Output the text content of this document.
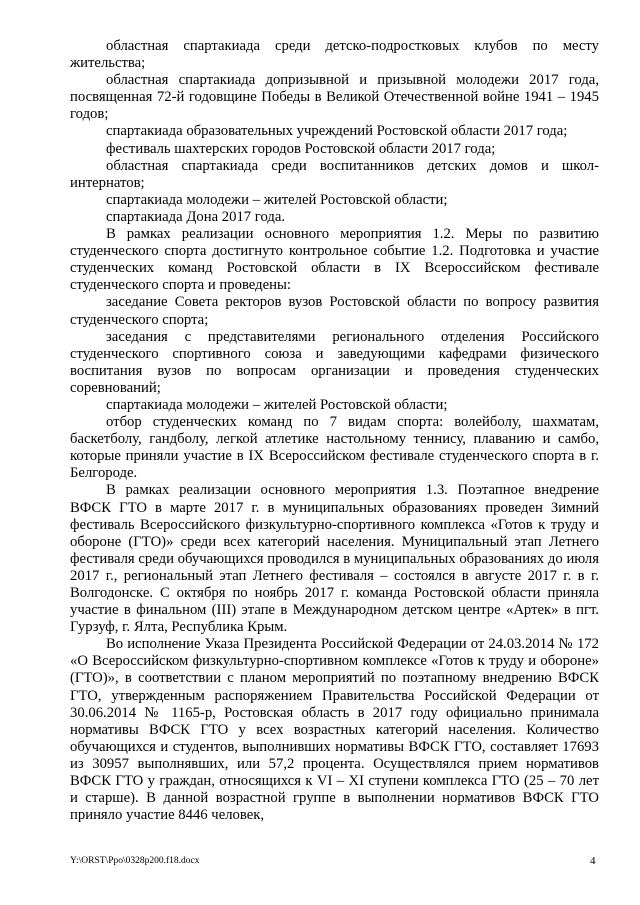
областная спартакиада среди детско-подростковых клубов по месту жительства;

областная спартакиада допризывной и призывной молодежи 2017 года, посвященная 72-й годовщине Победы в Великой Отечественной войне 1941 – 1945 годов;

спартакиада образовательных учреждений Ростовской области 2017 года;

фестиваль шахтерских городов Ростовской области 2017 года;

областная спартакиада среди воспитанников детских домов и школ-интернатов;

спартакиада молодежи – жителей Ростовской области;

спартакиада Дона 2017 года.

В рамках реализации основного мероприятия 1.2. Меры по развитию студенческого спорта достигнуто контрольное событие 1.2. Подготовка и участие студенческих команд Ростовской области в IX Всероссийском фестивале студенческого спорта и проведены:

заседание Совета ректоров вузов Ростовской области по вопросу развития студенческого спорта;

заседания с представителями регионального отделения Российского студенческого спортивного союза и заведующими кафедрами физического воспитания вузов по вопросам организации и проведения студенческих соревнований;

спартакиада молодежи – жителей Ростовской области;

отбор студенческих команд по 7 видам спорта: волейболу, шахматам, баскетболу, гандболу, легкой атлетике настольному теннису, плаванию и самбо, которые приняли участие в IX Всероссийском фестивале студенческого спорта в г. Белгороде.

В рамках реализации основного мероприятия 1.3. Поэтапное внедрение ВФСК ГТО в марте 2017 г. в муниципальных образованиях проведен Зимний фестиваль Всероссийского физкультурно-спортивного комплекса «Готов к труду и обороне (ГТО)» среди всех категорий населения. Муниципальный этап Летнего фестиваля среди обучающихся проводился в муниципальных образованиях до июля 2017 г., региональный этап Летнего фестиваля – состоялся в августе 2017 г. в г. Волгодонске. С октября по ноябрь 2017 г. команда Ростовской области приняла участие в финальном (III) этапе в Международном детском центре «Артек» в пгт. Гурзуф, г. Ялта, Республика Крым.

Во исполнение Указа Президента Российской Федерации от 24.03.2014 № 172 «О Всероссийском физкультурно-спортивном комплексе «Готов к труду и обороне» (ГТО)», в соответствии с планом мероприятий по поэтапному внедрению ВФСК ГТО, утвержденным распоряжением Правительства Российской Федерации от 30.06.2014 № 1165-р, Ростовская область в 2017 году официально принимала нормативы ВФСК ГТО у всех возрастных категорий населения. Количество обучающихся и студентов, выполнивших нормативы ВФСК ГТО, составляет 17693 из 30957 выполнявших, или 57,2 процента. Осуществлялся прием нормативов ВФСК ГТО у граждан, относящихся к VI – XI ступени комплекса ГТО (25 – 70 лет и старше). В данной возрастной группе в выполнении нормативов ВФСК ГТО приняло участие 8446 человек,

Y:\ORST\Ppo\0328p200.f18.docx	4
